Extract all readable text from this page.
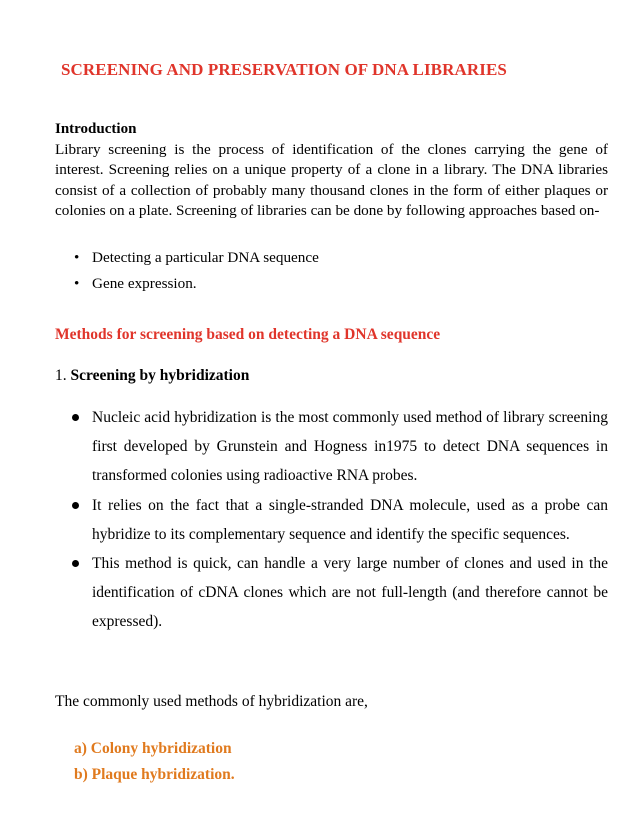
SCREENING AND PRESERVATION OF DNA LIBRARIES
Introduction
Library screening is the process of identification of the clones carrying the gene of interest. Screening relies on a unique property of a clone in a library. The DNA libraries consist of a collection of probably many thousand clones in the form of either plaques or colonies on a plate. Screening of libraries can be done by following approaches based on-
• Detecting a particular DNA sequence
• Gene expression.
Methods for screening based on detecting a DNA sequence
1. Screening by hybridization
Nucleic acid hybridization is the most commonly used method of library screening first developed by Grunstein and Hogness in1975 to detect DNA sequences in transformed colonies using radioactive RNA probes.
It relies on the fact that a single-stranded DNA molecule, used as a probe can hybridize to its complementary sequence and identify the specific sequences.
This method is quick, can handle a very large number of clones and used in the identification of cDNA clones which are not full-length (and therefore cannot be expressed).
The commonly used methods of hybridization are,
a) Colony hybridization
b) Plaque hybridization.
